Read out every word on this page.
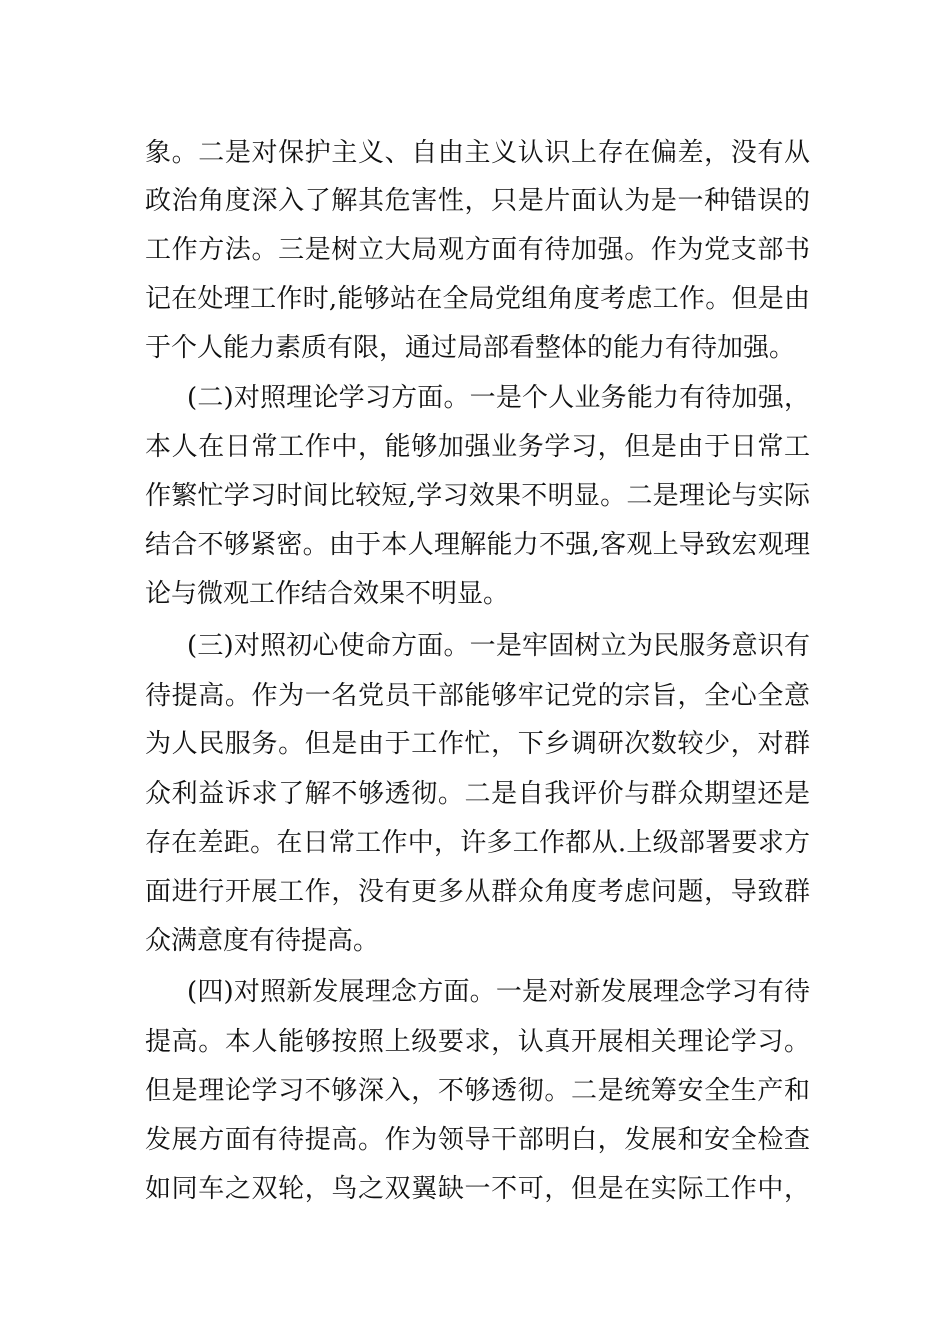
象。二是对保护主义、自由主义认识上存在偏差，没有从
政治角度深入了解其危害性，只是片面认为是一种错误的
工作方法。三是树立大局观方面有待加强。作为党支部书
记在处理工作时,能够站在全局党组角度考虑工作。但是由
于个人能力素质有限，通过局部看整体的能力有待加强。
(二)对照理论学习方面。一是个人业务能力有待加强，
本人在日常工作中，能够加强业务学习，但是由于日常工
作繁忙学习时间比较短,学习效果不明显。二是理论与实际
结合不够紧密。由于本人理解能力不强,客观上导致宏观理
论与微观工作结合效果不明显。
(三)对照初心使命方面。一是牢固树立为民服务意识有
待提高。作为一名党员干部能够牢记党的宗旨，全心全意
为人民服务。但是由于工作忙，下乡调研次数较少，对群
众利益诉求了解不够透彻。二是自我评价与群众期望还是
存在差距。在日常工作中，许多工作都从.上级部署要求方
面进行开展工作，没有更多从群众角度考虑问题，导致群
众满意度有待提高。
(四)对照新发展理念方面。一是对新发展理念学习有待
提高。本人能够按照上级要求，认真开展相关理论学习。
但是理论学习不够深入，不够透彻。二是统筹安全生产和
发展方面有待提高。作为领导干部明白，发展和安全检查
如同车之双轮，鸟之双翼缺一不可，但是在实际工作中，
